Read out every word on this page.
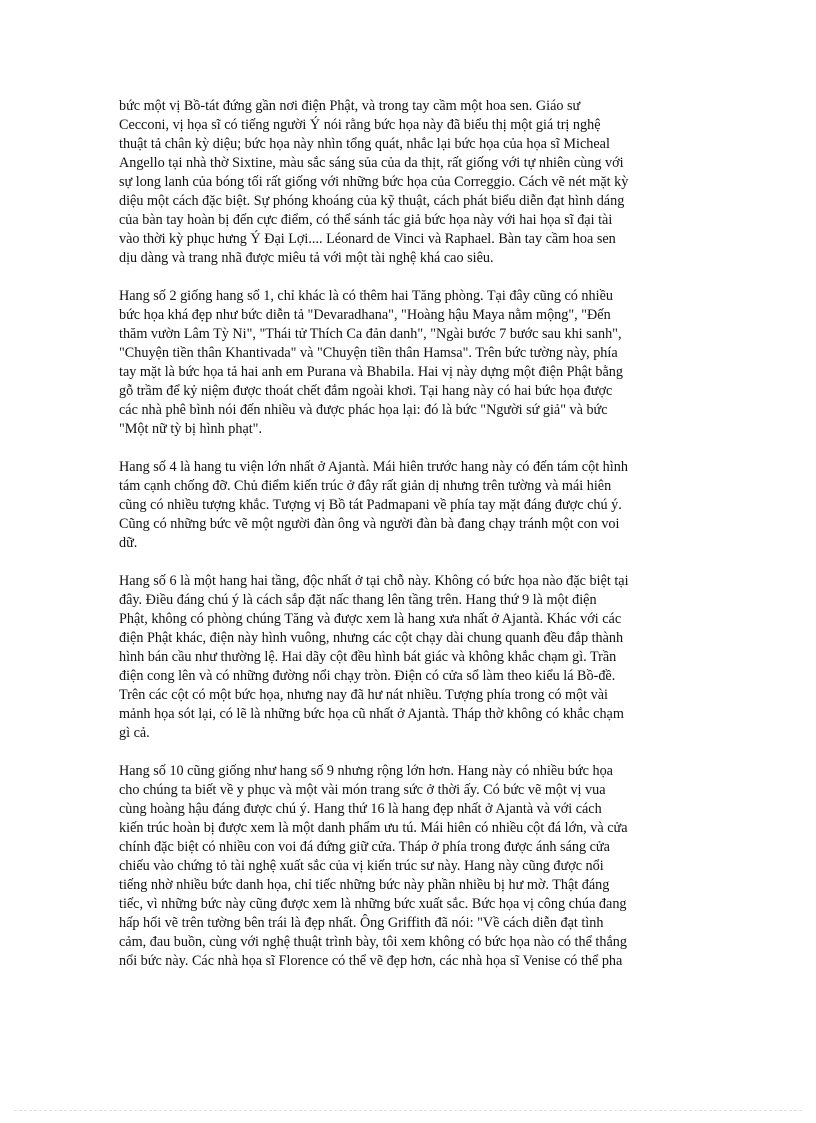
bức một vị Bồ-tát đứng gần nơi điện Phật, và trong tay cầm một hoa sen. Giáo sư
Cecconi, vị họa sĩ có tiếng người Ý nói rằng bức họa này đã biểu thị một giá trị nghệ
thuật tả chân kỳ diệu; bức họa này nhìn tổng quát, nhắc lại bức họa của họa sĩ Micheal
Angello tại nhà thờ Sixtine, màu sắc sáng sủa của da thịt, rất giống với tự nhiên cùng với
sự long lanh của bóng tối rất giống với những bức họa của Correggio. Cách vẽ nét mặt kỳ
diệu một cách đặc biệt. Sự phóng khoáng của kỹ thuật, cách phát biểu diễn đạt hình dáng
của bàn tay hoàn bị đến cực điểm, có thể sánh tác giả bức họa này với hai họa sĩ đại tài
vào thời kỳ phục hưng Ý Đại Lợi.... Léonard de Vinci và Raphael. Bàn tay cầm hoa sen
dịu dàng và trang nhã được miêu tả với một tài nghệ khá cao siêu.
Hang số 2 giống hang số 1, chỉ khác là có thêm hai Tăng phòng. Tại đây cũng có nhiều
bức họa khá đẹp như bức diễn tả "Devaradhana", "Hoàng hậu Maya nằm mộng", "Đến
thăm vườn Lâm Tỳ Ni", "Thái tử Thích Ca đản danh", "Ngài bước 7 bước sau khi sanh",
"Chuyện tiền thân Khantivada" và "Chuyện tiền thân Hamsa". Trên bức tường này, phía
tay mặt là bức họa tả hai anh em Purana và Bhabila. Hai vị này dựng một điện Phật bằng
gỗ trầm để kỷ niệm được thoát chết đắm ngoài khơi. Tại hang này có hai bức họa được
các nhà phê bình nói đến nhiều và được phác họa lại: đó là bức "Người sứ giả" và bức
"Một nữ tỳ bị hình phạt".
Hang số 4 là hang tu viện lớn nhất ở Ajantà. Mái hiên trước hang này có đến tám cột hình
tám cạnh chống đỡ. Chủ điểm kiến trúc ở đây rất giản dị nhưng trên tường và mái hiên
cũng có nhiều tượng khắc. Tượng vị Bồ tát Padmapani về phía tay mặt đáng được chú ý.
Cũng có những bức vẽ một người đàn ông và người đàn bà đang chạy tránh một con voi
dữ.
Hang số 6 là một hang hai tầng, độc nhất ở tại chỗ này. Không có bức họa nào đặc biệt tại
đây. Điều đáng chú ý là cách sắp đặt nấc thang lên tầng trên. Hang thứ 9 là một điện
Phật, không có phòng chúng Tăng và được xem là hang xưa nhất ở Ajantà. Khác với các
điện Phật khác, điện này hình vuông, nhưng các cột chạy dài chung quanh đều đắp thành
hình bán cầu như thường lệ. Hai dãy cột đều hình bát giác và không khắc chạm gì. Trần
điện cong lên và có những đường nổi chạy tròn. Điện có cửa sổ làm theo kiểu lá Bồ-đề.
Trên các cột có một bức họa, nhưng nay đã hư nát nhiều. Tượng phía trong có một vài
mảnh họa sót lại, có lẽ là những bức họa cũ nhất ở Ajantà. Tháp thờ không có khắc chạm
gì cả.
Hang số 10 cũng giống như hang số 9 nhưng rộng lớn hơn. Hang này có nhiều bức họa
cho chúng ta biết về y phục và một vài món trang sức ở thời ấy. Có bức vẽ một vị vua
cùng hoàng hậu đáng được chú ý. Hang thứ 16 là hang đẹp nhất ở Ajantà và với cách
kiến trúc hoàn bị được xem là một danh phẩm ưu tú. Mái hiên có nhiều cột đá lớn, và cửa
chính đặc biệt có nhiều con voi đá đứng giữ cửa. Tháp ở phía trong được ánh sáng cửa
chiếu vào chứng tỏ tài nghệ xuất sắc của vị kiến trúc sư này. Hang này cũng được nổi
tiếng nhờ nhiều bức danh họa, chỉ tiếc những bức này phần nhiều bị hư mờ. Thật đáng
tiếc, vì những bức này cũng được xem là những bức xuất sắc. Bức họa vị công chúa đang
hấp hối vẽ trên tường bên trái là đẹp nhất. Ông Griffith đã nói: "Về cách diễn đạt tình
cảm, đau buồn, cùng với nghệ thuật trình bày, tôi xem không có bức họa nào có thể thắng
nổi bức này. Các nhà họa sĩ Florence có thể vẽ đẹp hơn, các nhà họa sĩ Venise có thể pha
